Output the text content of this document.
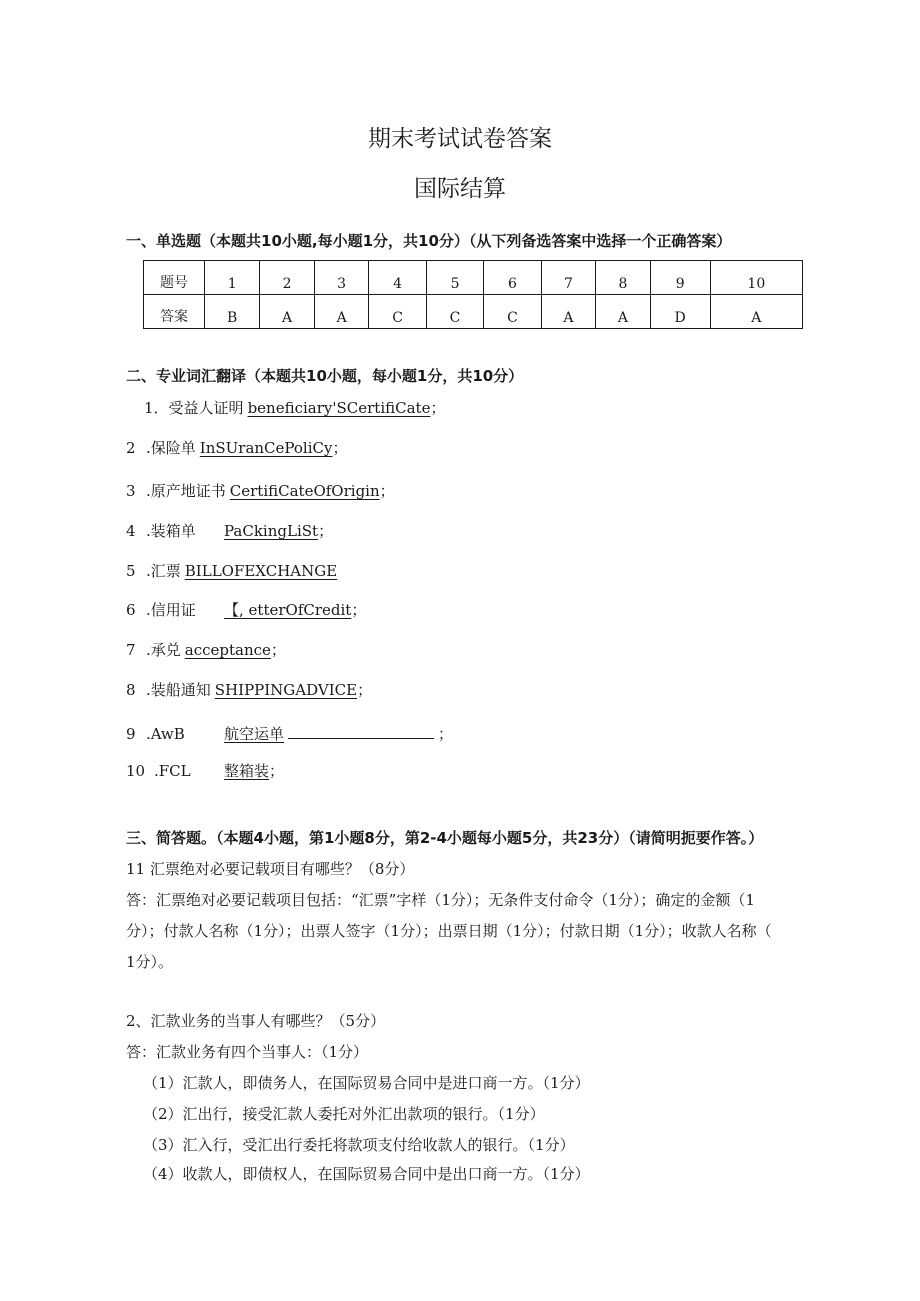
期末考试试卷答案
国际结算
一、单选题（本题共10小题,每小题1分，共10分）（从下列备选答案中选择一个正确答案）
题号	1	2	3	4	5	6	7	8	9	10
答案	B	A	A	C	C	C	A	A	D	A
二、专业词汇翻译（本题共10小题，每小题1分，共10分）
1．受益人证明 beneficiary'SCertifiCate；
2 .保险单 InSUranCePoliCy；
3 .原产地证书 CertifiCateOfOrigin；
4 .装箱单 PaCkingLiSt；
5 .汇票 BILLOFEXCHANGE
6 .信用证 【, etterOfCredit；
7 .承兑 acceptance；
8 .装船通知 SHIPPINGADVICE；
9 .AwB	航空运单	；
10 .FCL 整箱装；
三、简答题。（本题4小题，第1小题8分，第2-4小题每小题5分，共23分）（请简明扼要作答。）
11 汇票绝对必要记载项目有哪些？（8分）
答：汇票绝对必要记载项目包括：“汇票”字样（1分）；无条件支付命令（1分）；确定的金额（1
分）；付款人名称（1分）；出票人签字（1分）；出票日期（1分）；付款日期（1分）；收款人名称（
1分）。
2、汇款业务的当事人有哪些？（5分）
答：汇款业务有四个当事人：（1分）
（1）汇款人，即债务人，在国际贸易合同中是进口商一方。（1分）
（2）汇出行，接受汇款人委托对外汇出款项的银行。（1分）
（3）汇入行，受汇出行委托将款项支付给收款人的银行。（1分）
（4）收款人，即债权人，在国际贸易合同中是出口商一方。（1分）
